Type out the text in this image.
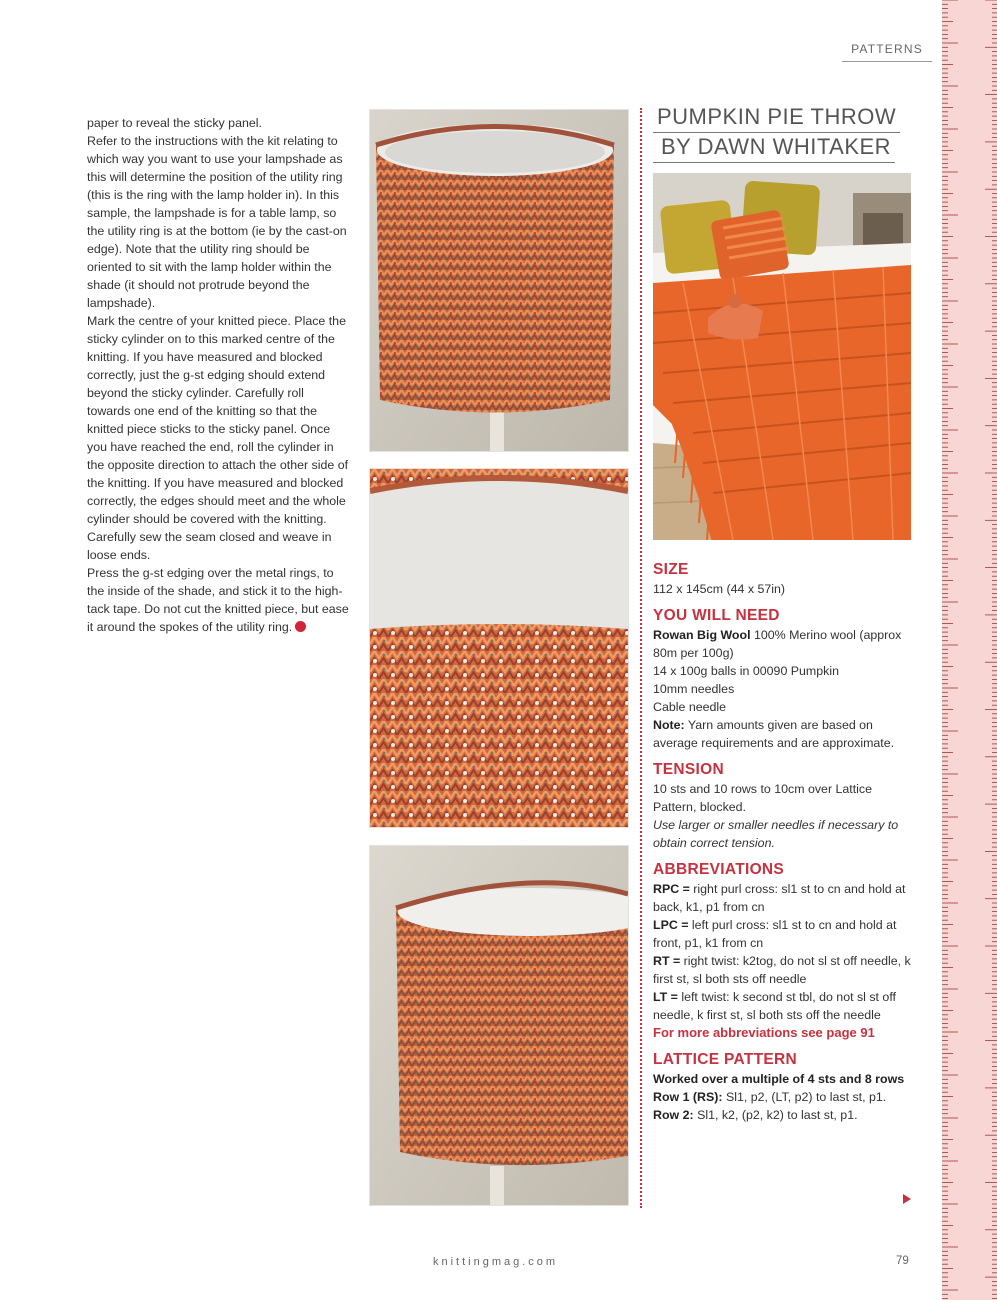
PATTERNS

paper to reveal the sticky panel.

Refer to the instructions with the kit relating to which way you want to use your lampshade as this will determine the position of the utility ring (this is the ring with the lamp holder in). In this sample, the lampshade is for a table lamp, so the utility ring is at the bottom (ie by the cast-on edge). Note that the utility ring should be oriented to sit with the lamp holder within the shade (it should not protrude beyond the lampshade).

Mark the centre of your knitted piece. Place the sticky cylinder on to this marked centre of the knitting. If you have measured and blocked correctly, just the g-st edging should extend beyond the sticky cylinder. Carefully roll towards one end of the knitting so that the knitted piece sticks to the sticky panel. Once you have reached the end, roll the cylinder in the opposite direction to attach the other side of the knitting. If you have measured and blocked correctly, the edges should meet and the whole cylinder should be covered with the knitting.

Carefully sew the seam closed and weave in loose ends.

Press the g-st edging over the metal rings, to the inside of the shade, and stick it to the high-tack tape. Do not cut the knitted piece, but ease it around the spokes of the utility ring.

PUMPKIN PIE THROW
BY DAWN WHITAKER
SIZE

112 x 145cm (44 x 57in)

YOU WILL NEED

Rowan Big Wool 100% Merino wool (approx 80m per 100g)

14 x 100g balls in 00090 Pumpkin

10mm needles

Cable needle

Note: Yarn amounts given are based on average requirements and are approximate.

TENSION

10 sts and 10 rows to 10cm over Lattice Pattern, blocked.

Use larger or smaller needles if necessary to obtain correct tension.

ABBREVIATIONS

RPC = right purl cross: sl1 st to cn and hold at back, k1, p1 from cn

LPC = left purl cross: sl1 st to cn and hold at front, p1, k1 from cn

RT = right twist: k2tog, do not sl st off needle, k first st, sl both sts off needle

LT = left twist: k second st tbl, do not sl st off needle, k first st, sl both sts off the needle

For more abbreviations see page 91

LATTICE PATTERN

Worked over a multiple of 4 sts and 8 rows

Row 1 (RS): Sl1, p2, (LT, p2) to last st, p1.

Row 2: Sl1, k2, (p2, k2) to last st, p1.

knittingmag.com	79
